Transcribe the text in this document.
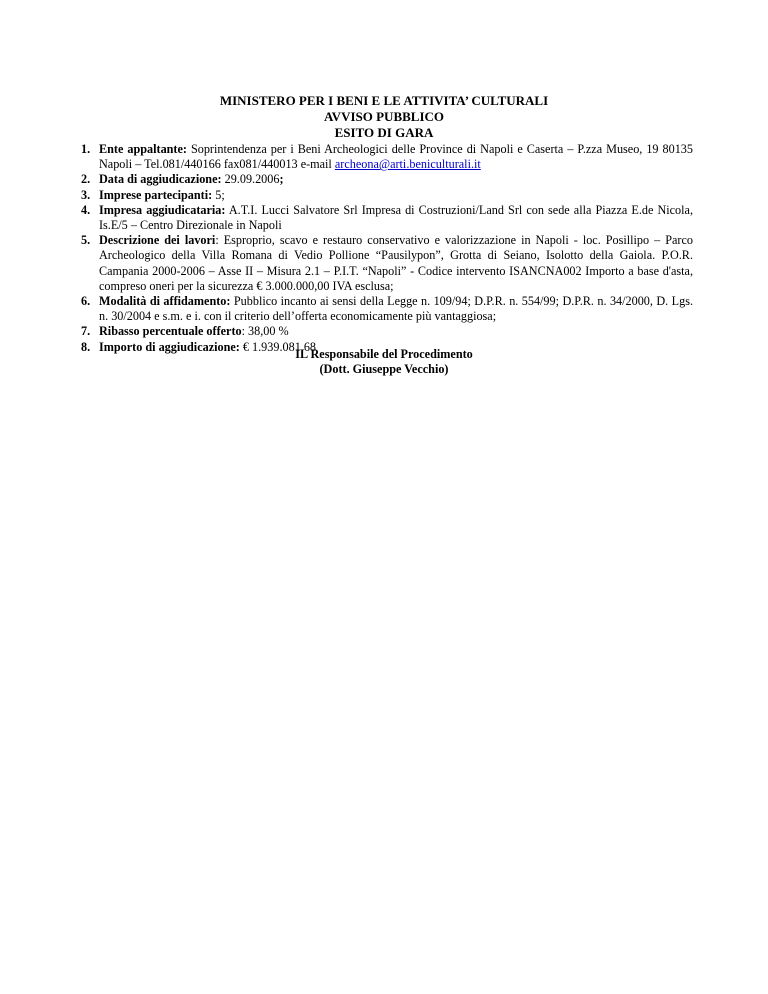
MINISTERO PER I BENI E LE ATTIVITA’ CULTURALI
AVVISO PUBBLICO
ESITO DI GARA
1. Ente appaltante: Soprintendenza per i Beni Archeologici delle Province di Napoli e Caserta – P.zza Museo, 19 80135 Napoli – Tel.081/440166 fax081/440013 e-mail archeona@arti.beniculturali.it
2. Data di aggiudicazione: 29.09.2006;
3. Imprese partecipanti: 5;
4. Impresa aggiudicataria: A.T.I. Lucci Salvatore Srl Impresa di Costruzioni/Land Srl con sede alla Piazza E.de Nicola, Is.E/5 – Centro Direzionale in Napoli
5. Descrizione dei lavori: Esproprio, scavo e restauro conservativo e valorizzazione in Napoli - loc. Posillipo – Parco Archeologico della Villa Romana di Vedio Pollione “Pausilypon”, Grotta di Seiano, Isolotto della Gaiola. P.O.R. Campania 2000-2006 – Asse II – Misura 2.1 – P.I.T. “Napoli” - Codice intervento ISANCNA002 Importo a base d'asta, compreso oneri per la sicurezza € 3.000.000,00 IVA esclusa;
6. Modalità di affidamento: Pubblico incanto ai sensi della Legge n. 109/94; D.P.R. n. 554/99; D.P.R. n. 34/2000, D. Lgs. n. 30/2004 e s.m. e i. con il criterio dell’offerta economicamente più vantaggiosa;
7. Ribasso percentuale offerto: 38,00 %
8. Importo di aggiudicazione: € 1.939.081,68
IL Responsabile del Procedimento
(Dott. Giuseppe Vecchio)
